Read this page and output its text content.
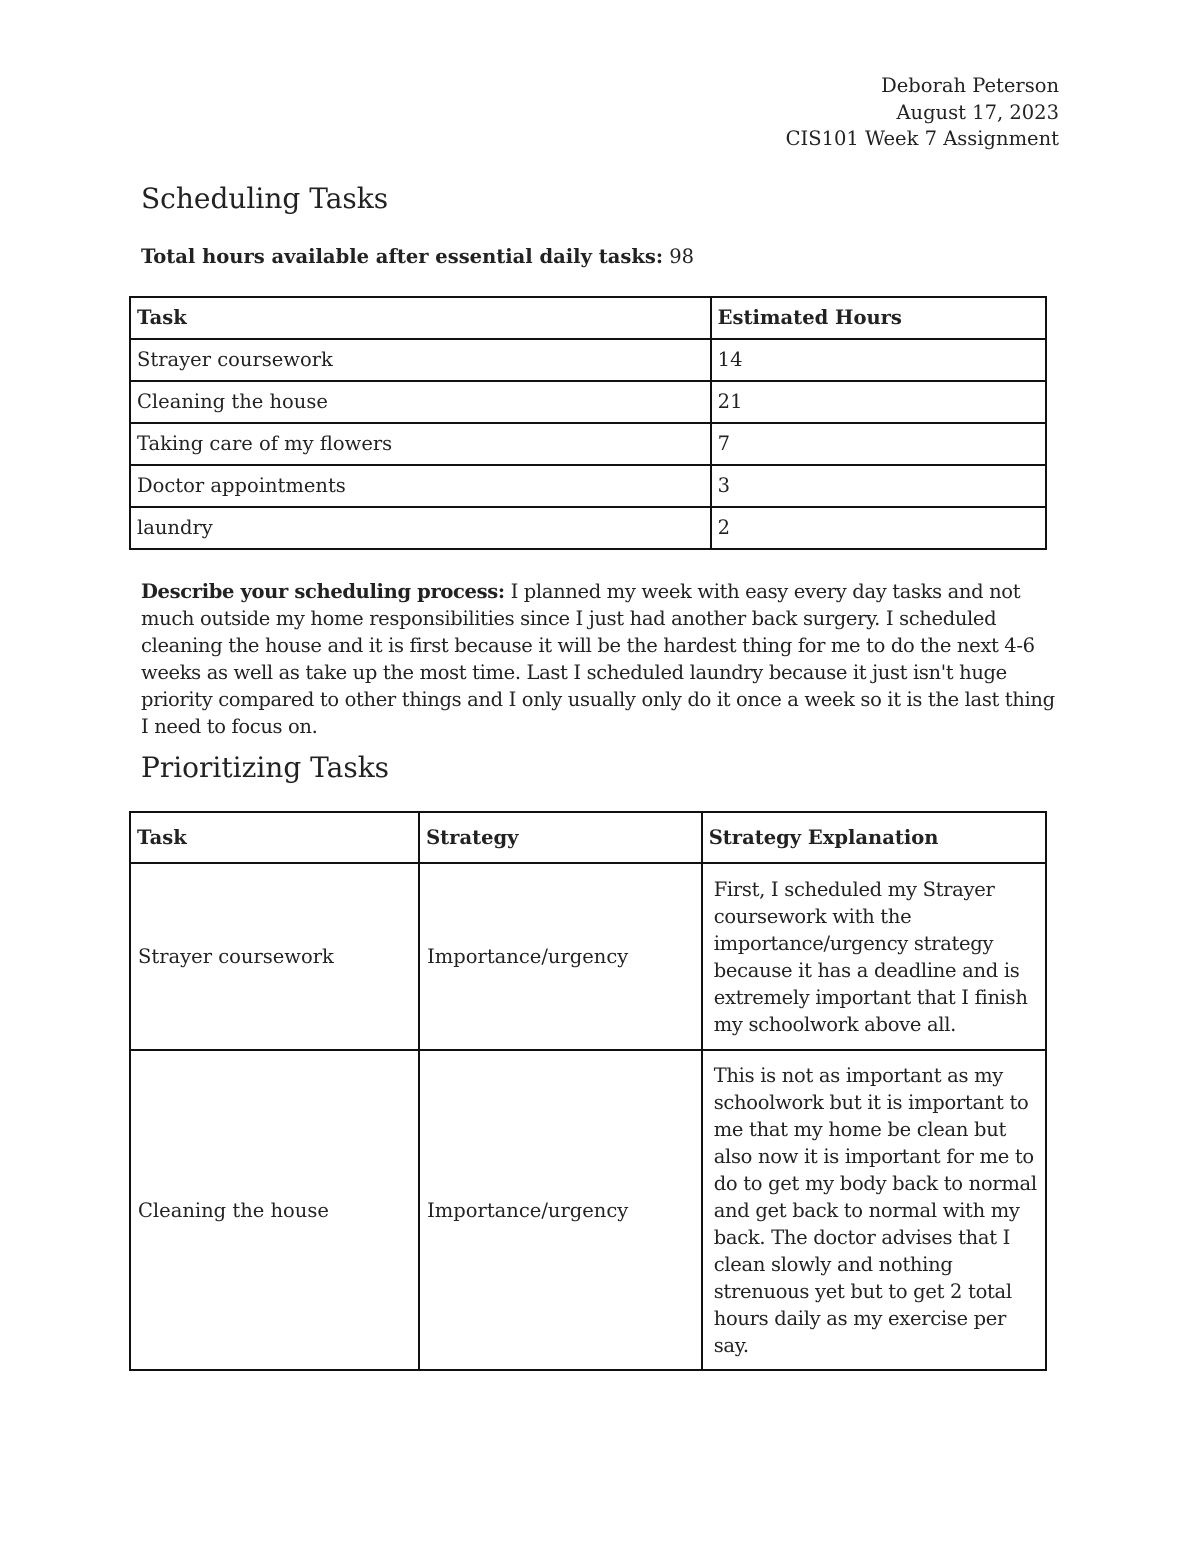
Deborah Peterson
August 17, 2023
CIS101 Week 7 Assignment
Scheduling Tasks
Total hours available after essential daily tasks: 98
Task	Estimated Hours
Strayer coursework	14
Cleaning the house	21
Taking care of my flowers	7
Doctor appointments	3
laundry	2
Describe your scheduling process: I planned my week with easy every day tasks and not much outside my home responsibilities since I just had another back surgery. I scheduled cleaning the house and it is first because it will be the hardest thing for me to do the next 4-6 weeks as well as take up the most time. Last I scheduled laundry because it just isn't huge priority compared to other things and I only usually only do it once a week so it is the last thing I need to focus on.
Prioritizing Tasks
Task	Strategy	Strategy Explanation
Strayer coursework	Importance/urgency	First, I scheduled my Strayer coursework with the importance/urgency strategy because it has a deadline and is extremely important that I finish my schoolwork above all.
Cleaning the house	Importance/urgency	This is not as important as my schoolwork but it is important to me that my home be clean but also now it is important for me to do to get my body back to normal and get back to normal with my back. The doctor advises that I clean slowly and nothing strenuous yet but to get 2 total hours daily as my exercise per say.
